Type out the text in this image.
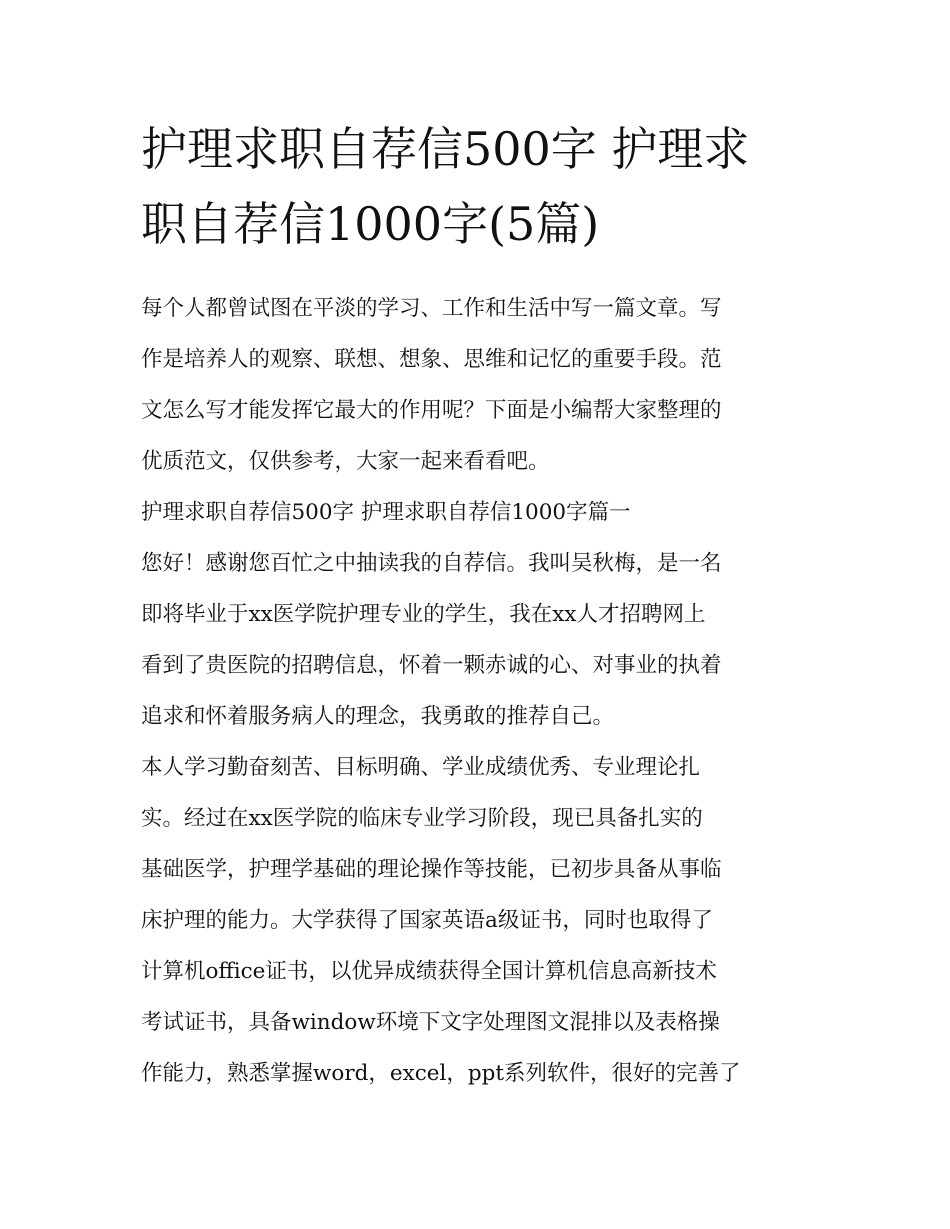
护理求职自荐信500字 护理求
职自荐信1000字(5篇)

每个人都曾试图在平淡的学习、工作和生活中写一篇文章。写
作是培养人的观察、联想、想象、思维和记忆的重要手段。范
文怎么写才能发挥它最大的作用呢？下面是小编帮大家整理的
优质范文，仅供参考，大家一起来看看吧。

护理求职自荐信500字 护理求职自荐信1000字篇一

您好！感谢您百忙之中抽读我的自荐信。我叫吴秋梅，是一名
即将毕业于xx医学院护理专业的学生，我在xx人才招聘网上
看到了贵医院的招聘信息，怀着一颗赤诚的心、对事业的执着
追求和怀着服务病人的理念，我勇敢的推荐自己。

本人学习勤奋刻苦、目标明确、学业成绩优秀、专业理论扎
实。经过在xx医学院的临床专业学习阶段，现已具备扎实的
基础医学，护理学基础的理论操作等技能，已初步具备从事临
床护理的能力。大学获得了国家英语a级证书，同时也取得了
计算机office证书，以优异成绩获得全国计算机信息高新技术
考试证书，具备window环境下文字处理图文混排以及表格操
作能力，熟悉掌握word，excel，ppt系列软件，很好的完善了
